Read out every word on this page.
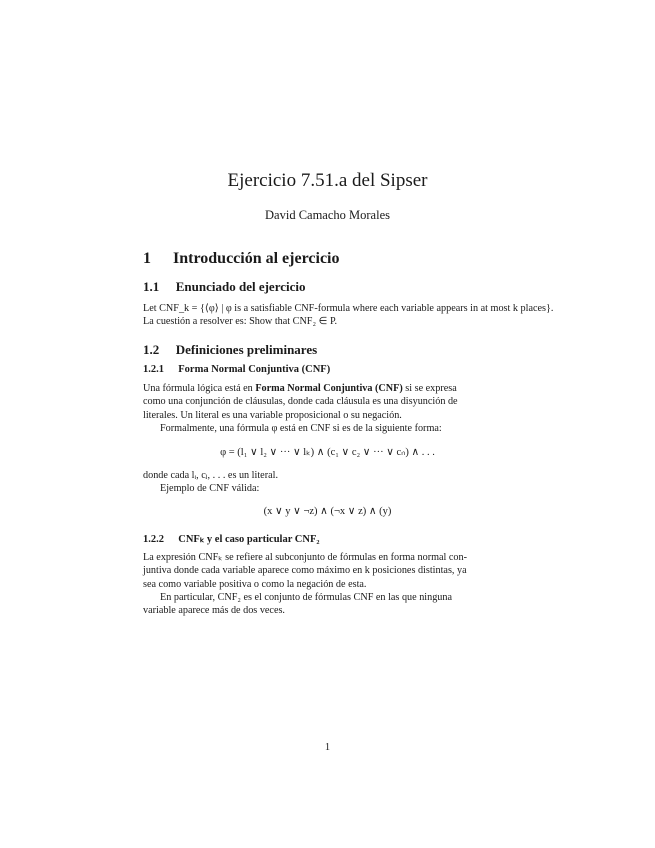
Ejercicio 7.51.a del Sipser
David Camacho Morales
1 Introducción al ejercicio
1.1 Enunciado del ejercicio
Let CNF_k = {⟨φ⟩ | φ is a satisfiable CNF-formula where each variable appears in at most k places}.
La cuestión a resolver es: Show that CNF₂ ∈ P.
1.2 Definiciones preliminares
1.2.1 Forma Normal Conjuntiva (CNF)
Una fórmula lógica está en Forma Normal Conjuntiva (CNF) si se expresa
como una conjunción de cláusulas, donde cada cláusula es una disyunción de
literales. Un literal es una variable proposicional o su negación.
Formalmente, una fórmula φ está en CNF si es de la siguiente forma:
φ = (l₁ ∨ l₂ ∨ ··· ∨ lₖ) ∧ (c₁ ∨ c₂ ∨ ··· ∨ cₙ) ∧ . . .
donde cada lᵢ, cⱼ, . . . es un literal.
Ejemplo de CNF válida:
(x ∨ y ∨ ¬z) ∧ (¬x ∨ z) ∧ (y)
1.2.2 CNFₖ y el caso particular CNF₂
La expresión CNFₖ se refiere al subconjunto de fórmulas en forma normal con-
juntiva donde cada variable aparece como máximo en k posiciones distintas, ya
sea como variable positiva o como la negación de esta.
En particular, CNF₂ es el conjunto de fórmulas CNF en las que ninguna
variable aparece más de dos veces.
1
